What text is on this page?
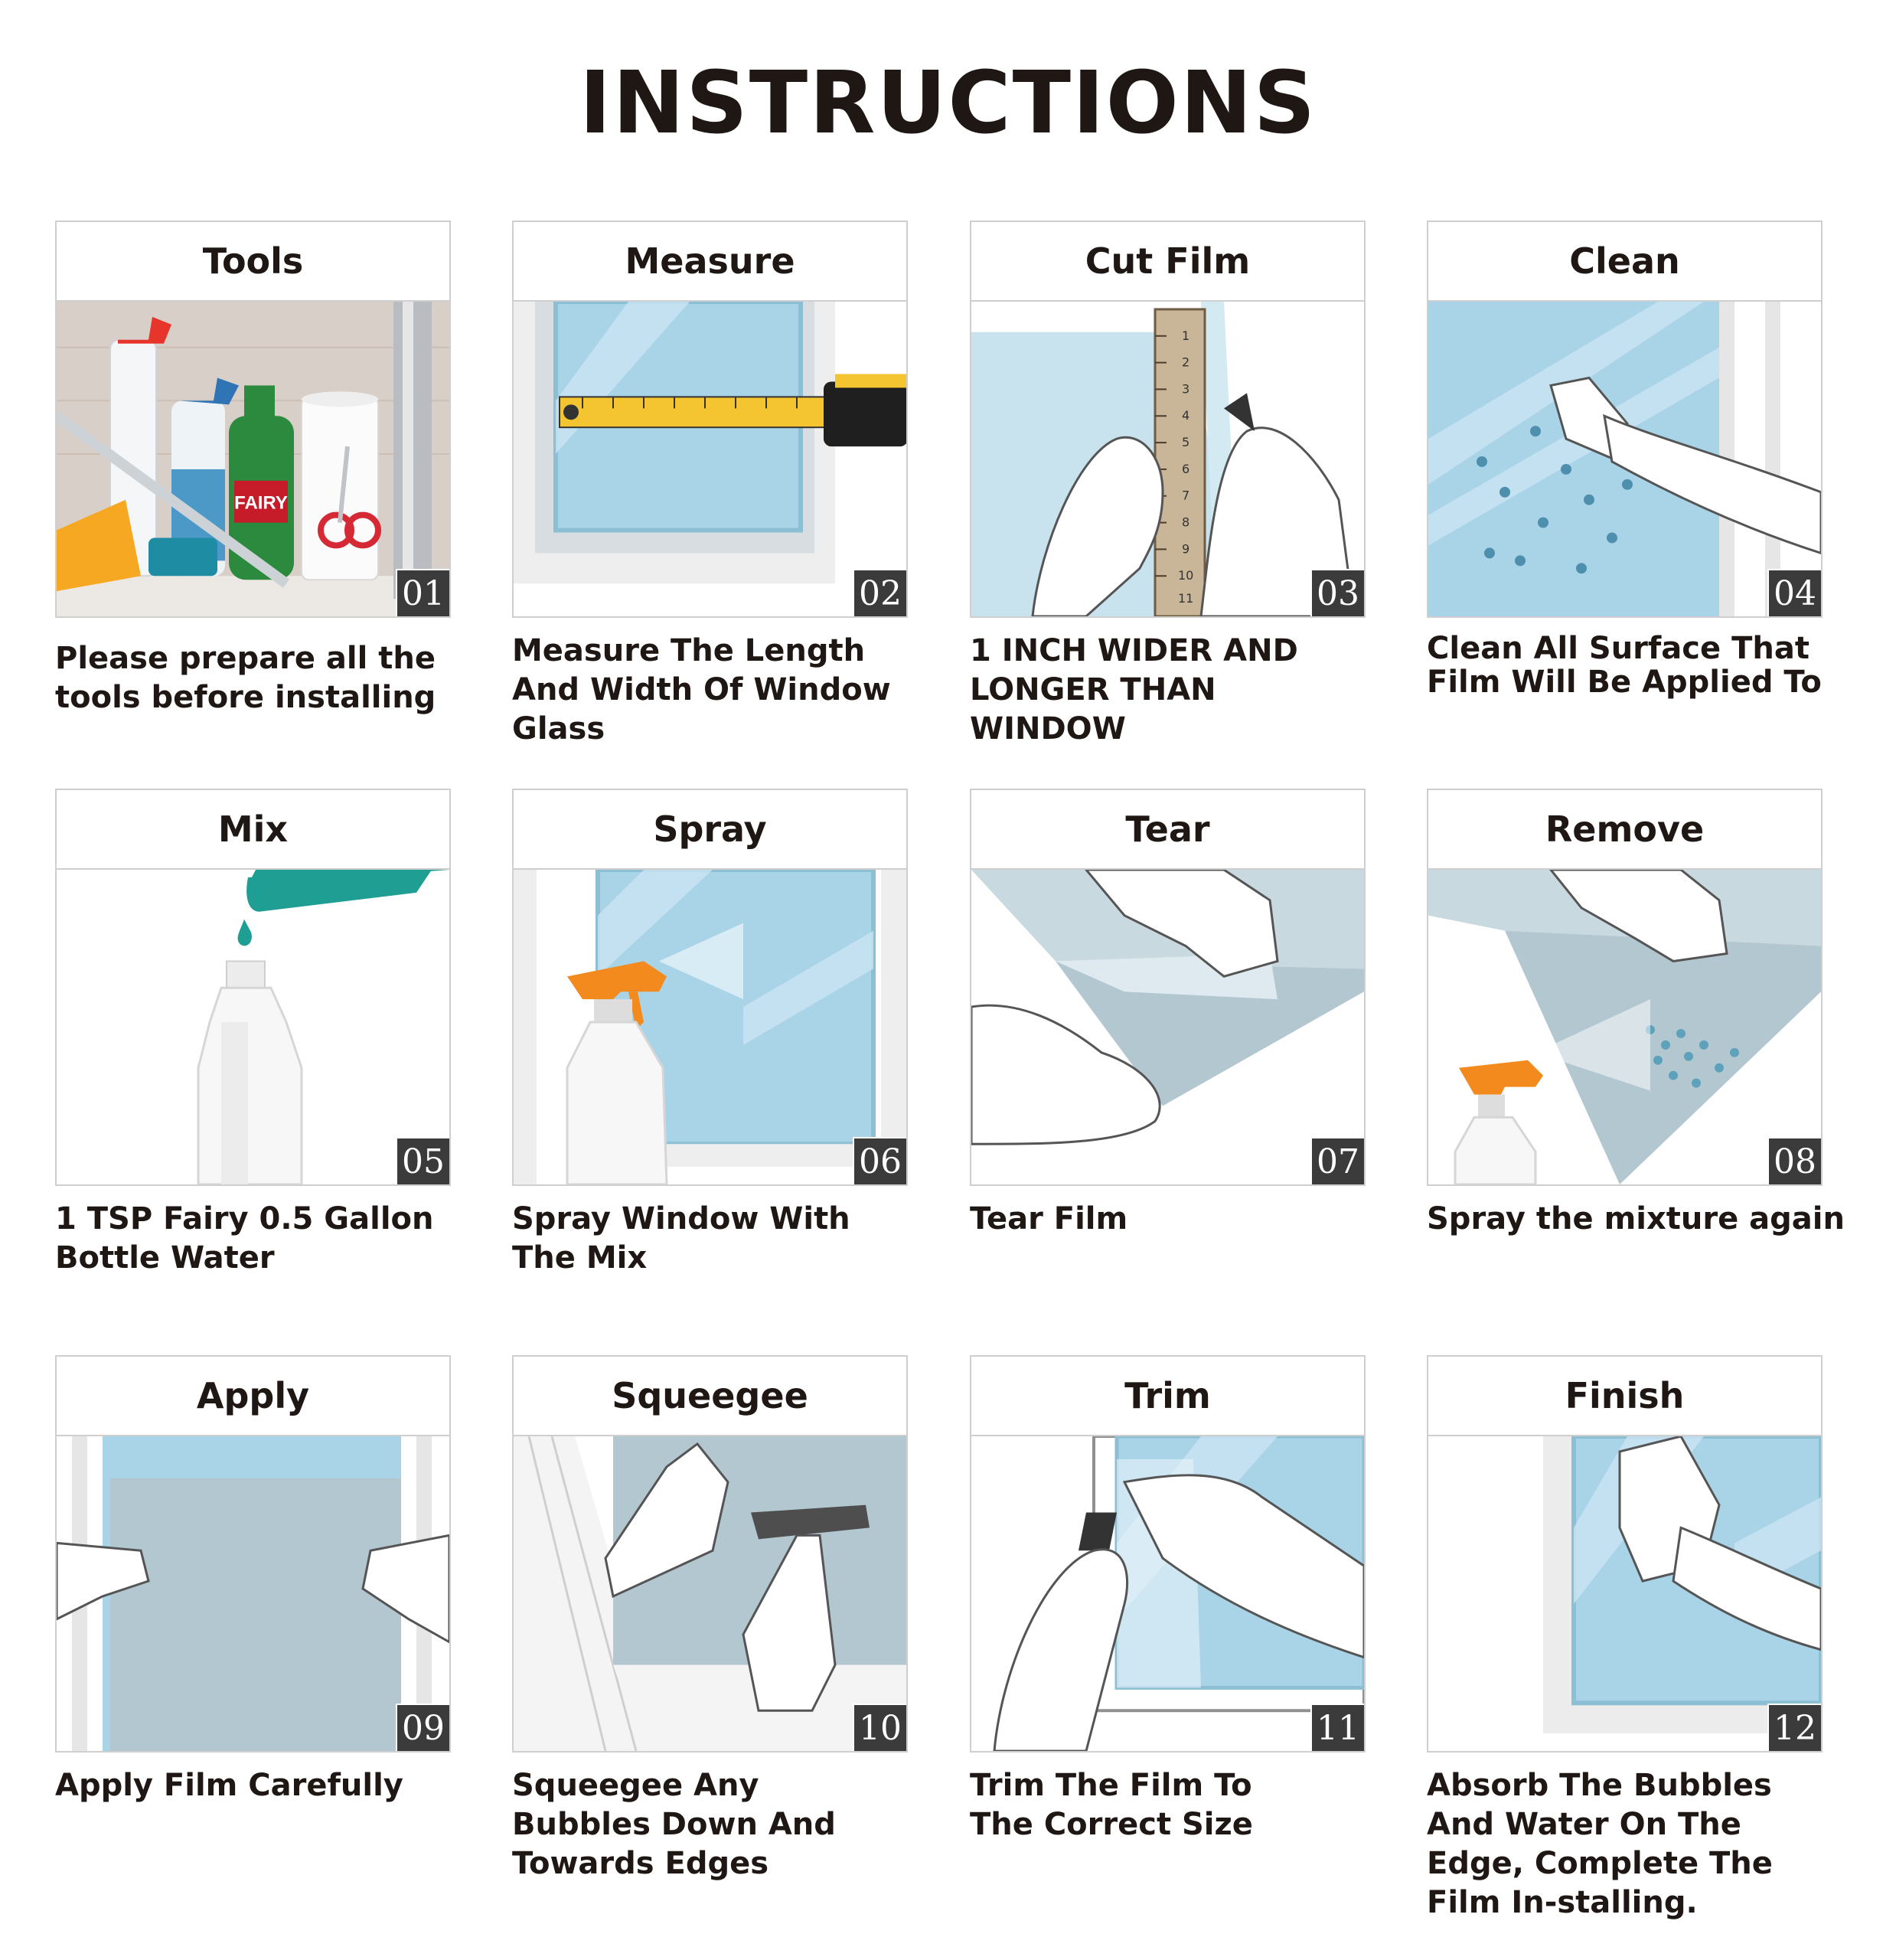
INSTRUCTIONS
Tools
FAIRY
01
Measure
02
Cut Film
1
2
3
4
5
6
7
8
9
10
11	03
Clean
04
Mix
05
Spray
06
Tear
07
Remove
08
Apply
09
Squeegee
10
Trim
11
Finish
12
Please prepare all the tools before installing
Measure The Length And Width Of Window Glass
1 INCH WIDER AND LONGER THAN WINDOW
Clean All Surface That Film Will Be Applied To
1 TSP Fairy 0.5 Gallon Bottle Water
Spray Window With The Mix
Tear Film	Spray the mixture again
Apply Film Carefully	Squeegee Any Bubbles Down And Towards Edges
Trim The Film To The Correct Size
Absorb The Bubbles And Water On The Edge, Complete The Film In-stalling.
